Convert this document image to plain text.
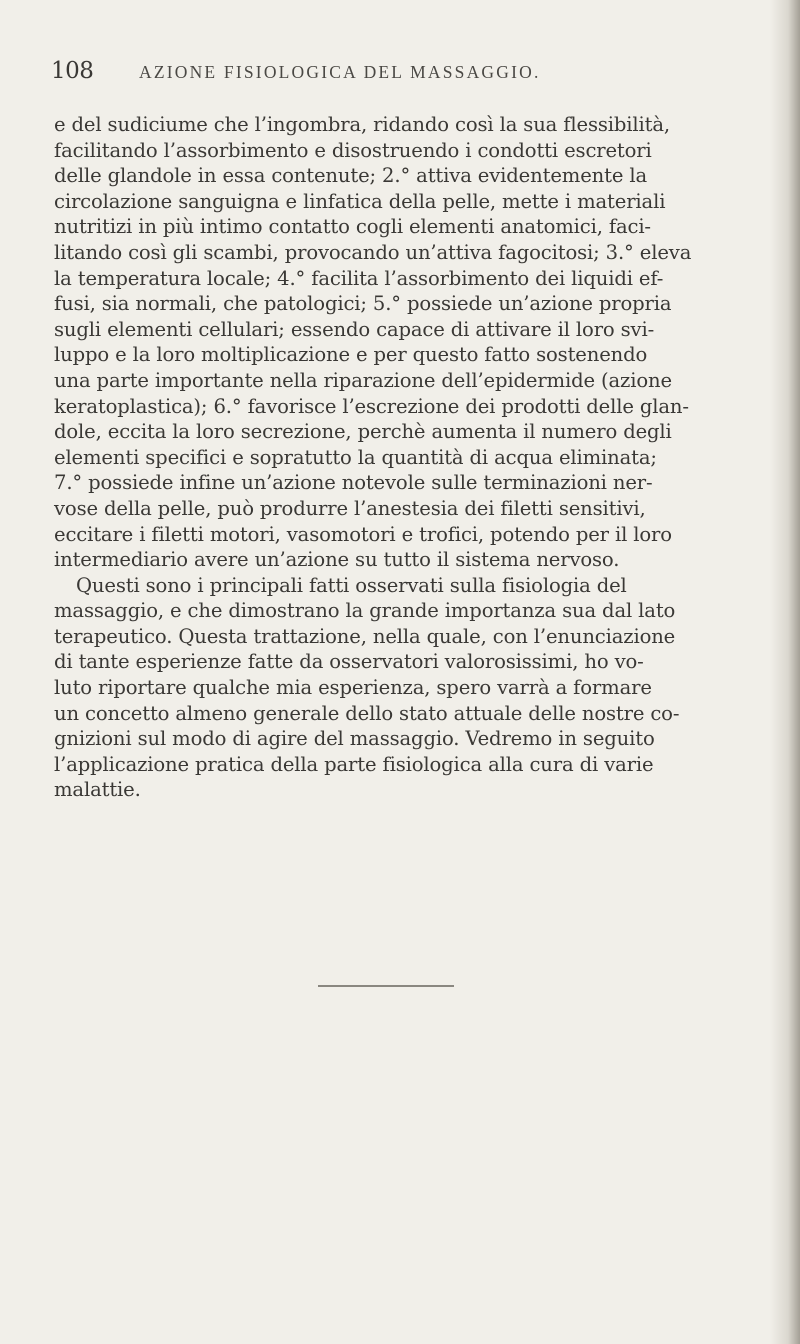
108	AZIONE FISIOLOGICA DEL MASSAGGIO.
e del sudiciume che l’ingombra, ridando così la sua flessibilità,
facilitando l’assorbimento e disostruendo i condotti escretori
delle glandole in essa contenute; 2.° attiva evidentemente la
circolazione sanguigna e linfatica della pelle, mette i materiali
nutritizi in più intimo contatto cogli elementi anatomici, faci-
litando così gli scambi, provocando un’attiva fagocitosi; 3.° eleva
la temperatura locale; 4.° facilita l’assorbimento dei liquidi ef-
fusi, sia normali, che patologici; 5.° possiede un’azione propria
sugli elementi cellulari; essendo capace di attivare il loro svi-
luppo e la loro moltiplicazione e per questo fatto sostenendo
una parte importante nella riparazione dell’epidermide (azione
keratoplastica); 6.° favorisce l’escrezione dei prodotti delle glan-
dole, eccita la loro secrezione, perchè aumenta il numero degli
elementi specifici e sopratutto la quantità di acqua eliminata;
7.° possiede infine un’azione notevole sulle terminazioni ner-
vose della pelle, può produrre l’anestesia dei filetti sensitivi,
eccitare i filetti motori, vasomotori e trofici, potendo per il loro
intermediario avere un’azione su tutto il sistema nervoso.
Questi sono i principali fatti osservati sulla fisiologia del
massaggio, e che dimostrano la grande importanza sua dal lato
terapeutico. Questa trattazione, nella quale, con l’enunciazione
di tante esperienze fatte da osservatori valorosissimi, ho vo-
luto riportare qualche mia esperienza, spero varrà a formare
un concetto almeno generale dello stato attuale delle nostre co-
gnizioni sul modo di agire del massaggio. Vedremo in seguito
l’applicazione pratica della parte fisiologica alla cura di varie
malattie.
